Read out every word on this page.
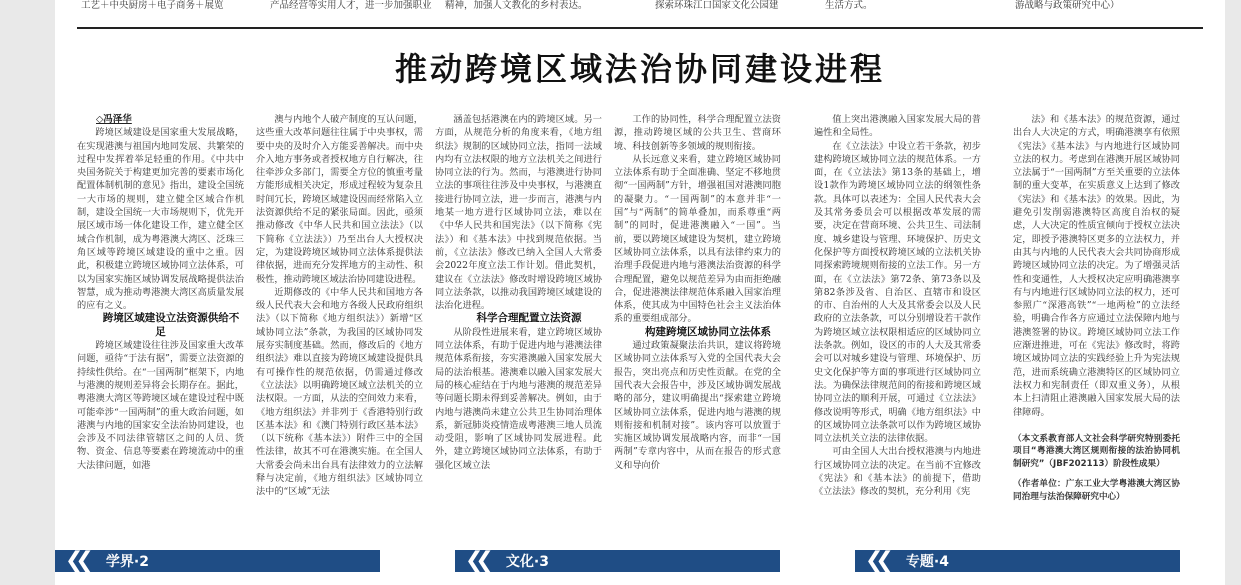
工艺＋中央厨房＋电子商务＋展览	产品经营等实用人才，进一步加强职业 精神，加强人文教化的乡村表达。	探索环珠江口国家文化公园建	生活方式。	游战略与政策研究中心）
推动跨境区域法治协同建设进程

◇冯泽华

跨境区域建设是国家重大发展战略，在实现港澳与祖国内地同发展、共繁荣的过程中发挥着举足轻重的作用。《中共中央国务院关于构建更加完善的要素市场化配置体制机制的意见》指出，建设全国统一大市场的规则，建立健全区域合作机制，建设全国统一大市场规则下，优先开展区域市场一体化建设工作，建立健全区域合作机制，成为粤港澳大湾区、泛珠三角区域等跨境区域建设的重中之重。因此，积极建立跨境区域协同立法体系，可以为国家实施区域协调发展战略提供法治智慧，成为推动粤港澳大湾区高质量发展的应有之义。

跨境区域建设立法资源供给不足

跨境区域建设往往涉及国家重大改革问题，亟待“于法有据”，需要立法资源的持续性供给。在“一国两制”框架下，内地与港澳的规则差异将会长期存在。据此，粤港澳大湾区等跨境区域在建设过程中既可能牵涉“一国两制”的重大政治问题，如港澳与内地的国家安全法治协同建设，也会涉及不同法律管辖区之间的人员、货物、资金、信息等要素在跨境流动中的重大法律问题，如港

澳与内地个人破产制度的互认问题，这些重大改革问题往往属于中央事权，需要中央的及时介入方能妥善解决。而中央介入地方事务或者授权地方自行解决，往往牵涉众多部门，需要全方位的慎重考量方能形成相关决定，形成过程较为复杂且时间冗长，跨境区域建设因而经常陷入立法资源供给不足的紧张局面。因此，亟须推动修改《中华人民共和国立法法》（以下简称《立法法》）乃至出台人大授权决定，为建设跨境区域协同立法体系提供法律依据，进而充分发挥地方的主动性、积极性，推动跨境区域法治协同建设进程。

近期修改的《中华人民共和国地方各级人民代表大会和地方各级人民政府组织法》（以下简称《地方组织法》）新增“区域协同立法”条款，为我国的区域协同发展夯实制度基础。然而，修改后的《地方组织法》难以直接为跨境区域建设提供具有可操作性的规范依据，仍需通过修改《立法法》以明确跨境区域立法机关的立法权限。一方面，从法的空间效力来看，《地方组织法》并非列于《香港特别行政区基本法》和《澳门特别行政区基本法》（以下统称《基本法》）附件三中的全国性法律，故其不可在港澳实施。在全国人大常委会尚未出台具有法律效力的立法解释与决定前，《地方组织法》区域协同立法中的“区域”无法

涵盖包括港澳在内的跨境区域。另一方面，从规范分析的角度来看，《地方组织法》规制的区域协同立法，指同一法域内均有立法权限的地方立法机关之间进行协同立法的行为。然而，与港澳进行协同立法的事项往往涉及中央事权，与港澳直接进行协同立法，进一步而言，港澳与内地某一地方进行区域协同立法，难以在《中华人民共和国宪法》（以下简称《宪法》）和《基本法》中找到规范依据。当前，《立法法》修改已纳入全国人大常委会2022年度立法工作计划。借此契机，建议在《立法法》修改时增设跨境区域协同立法条款，以推动我国跨境区域建设的法治化进程。

科学合理配置立法资源

从阶段性进展来看，建立跨境区域协同立法体系，有助于促进内地与港澳法律规范体系衔接，夯实港澳融入国家发展大局的法治根基。港澳难以融入国家发展大局的核心症结在于内地与港澳的规范差异等问题长期未得到妥善解决。例如，由于内地与港澳尚未建立公共卫生协同治理体系，新冠肺炎疫情造成粤港澳三地人员流动受阻，影响了区域协同发展进程。此外，建立跨境区域协同立法体系，有助于强化区域立法

工作的协同性，科学合理配置立法资源，推动跨境区域的公共卫生、营商环境、科技创新等多领域的规则衔接。

从长远意义来看，建立跨境区域协同立法体系有助于全面准确、坚定不移地贯彻“一国两制”方针，增强祖国对港澳同胞的凝聚力。“一国两制”的本意并非“一国”与“两制”的简单叠加，而系尊重“两制”的同时，促进港澳融入“一国”。当前，要以跨境区域建设为契机，建立跨境区域协同立法体系，以具有法律约束力的治理手段促进内地与港澳法治资源的科学合理配置，避免以规范差异为由而拒绝融合，促进港澳法律规范体系融入国家治理体系，使其成为中国特色社会主义法治体系的重要组成部分。

构建跨境区域协同立法体系

通过政策凝聚法治共识，建议将跨境区域协同立法体系写入党的全国代表大会报告，突出亮点和历史性贡献。在党的全国代表大会报告中，涉及区域协调发展战略的部分，建议明确提出“探索建立跨境区域协同立法体系，促进内地与港澳的规则衔接和机制对接”。该内容可以放置于实施区域协调发展战略内容，而非“一国两制”专章内容中，从而在报告的形式意义和导向价

值上突出港澳融入国家发展大局的普遍性和全局性。

在《立法法》中设立若干条款，初步建构跨境区域协同立法的规范体系。一方面，在《立法法》第13条的基础上，增设1款作为跨境区域协同立法的纲领性条款。具体可以表述为：全国人民代表大会及其常务委员会可以根据改革发展的需要，决定在营商环境、公共卫生、司法制度、城乡建设与管理、环境保护、历史文化保护等方面授权跨境区域的立法机关协同探索跨境规则衔接的立法工作。另一方面，在《立法法》第72条、第73条以及第82条涉及省、自治区、直辖市和设区的市、自治州的人大及其常委会以及人民政府的立法条款，可以分别增设若干款作为跨境区域立法权限相适应的区域协同立法条款。例如，设区的市的人大及其常委会可以对城乡建设与管理、环境保护、历史文化保护等方面的事项进行区域协同立法。为确保法律规范间的衔接和跨境区域协同立法的顺利开展，可通过《立法法》修改说明等形式，明确《地方组织法》中的区域协同立法条款可以作为跨境区域协同立法机关立法的法律依据。

可由全国人大出台授权港澳与内地进行区域协同立法的决定。在当前不宜修改《宪法》和《基本法》的前提下，借助《立法法》修改的契机，充分利用《宪

法》和《基本法》的规范资源，通过出台人大决定的方式，明确港澳享有依照《宪法》《基本法》与内地进行区域协同立法的权力。考虑到在港澳开展区域协同立法属于“一国两制”方至关重要的立法体制的重大变革，在实质意义上达到了修改《宪法》和《基本法》的效果。因此，为避免引发削弱港澳特区高度自治权的疑虑，人大决定的性质宜倾向于授权立法决定，即授予港澳特区更多的立法权力，并由其与内地的人民代表大会共同协商形成跨境区域协同立法的决定。为了增强灵活性和变通性，人大授权决定应明确港澳享有与内地进行区域协同立法的权力，还可参照广“深港高铁”“一地两检”的立法经验，明确合作各方应通过立法保障内地与港澳签署的协议。跨境区域协同立法工作应渐进推进，可在《宪法》修改时，将跨境区域协同立法的实践经验上升为宪法规范，进而系统确立港澳特区的区域协同立法权力和宪制责任（即双重义务），从根本上扫清阻止港澳融入国家发展大局的法律障碍。

（本文系教育部人文社会科学研究特别委托项目“粤港澳大湾区规则衔接的法治协同机制研究”（JBF202113）阶段性成果）

（作者单位：广东工业大学粤港澳大湾区协同治理与法治保障研究中心）

❮❮ 学界·2	❮❮ 文化·3	❮❮ 专题·4
